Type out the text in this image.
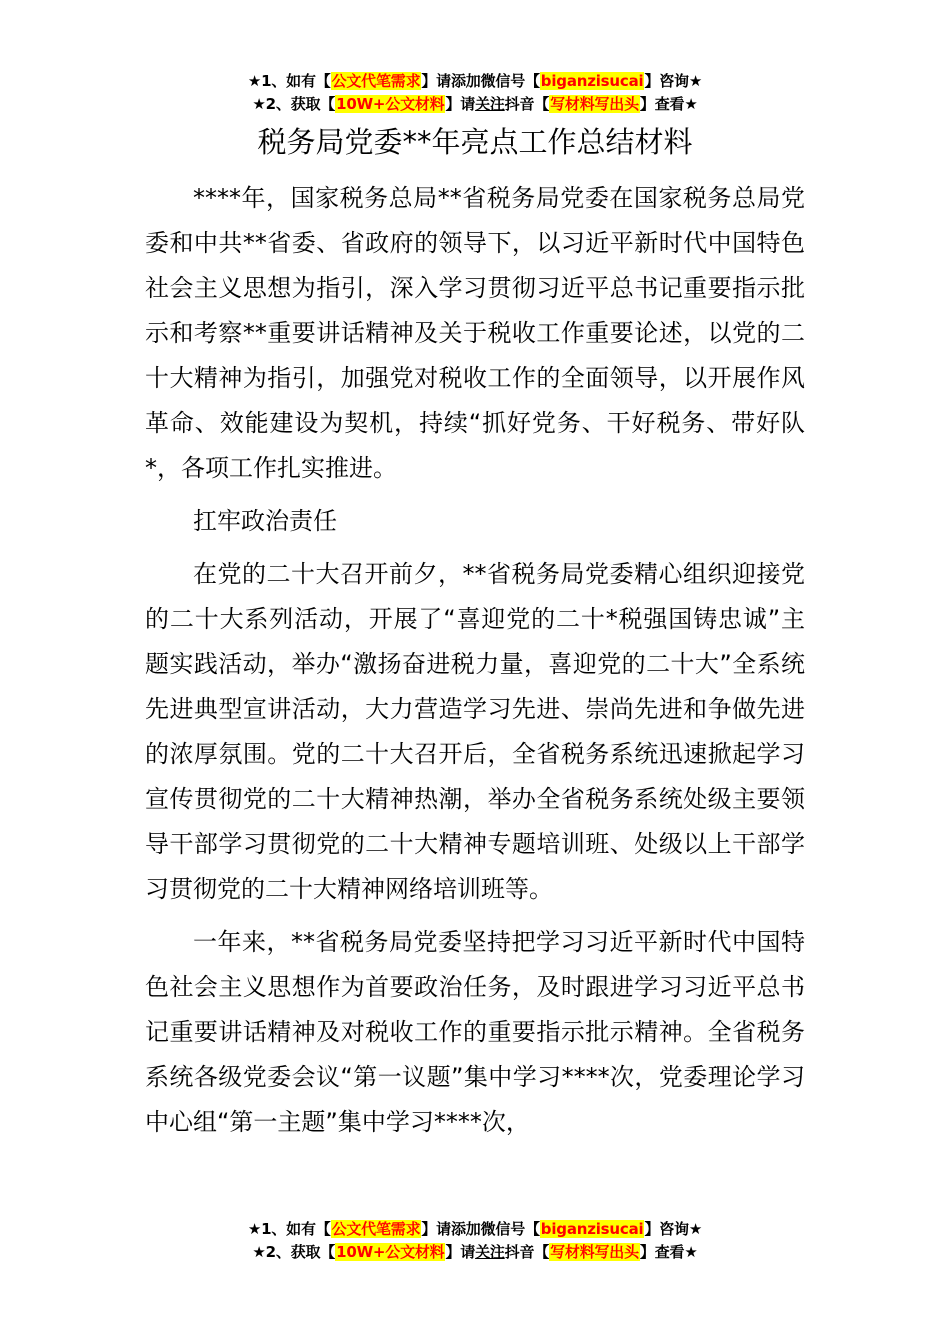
★1、如有【公文代笔需求】请添加微信号【biganzisucai】咨询★
★2、获取【10W+公文材料】请关注抖音【写材料写出头】查看★
税务局党委**年亮点工作总结材料

****年，国家税务总局**省税务局党委在国家税务总局党委和中共**省委、省政府的领导下，以习近平新时代中国特色社会主义思想为指引，深入学习贯彻习近平总书记重要指示批示和考察**重要讲话精神及关于税收工作重要论述，以党的二十大精神为指引，加强党对税收工作的全面领导，以开展作风革命、效能建设为契机，持续“抓好党务、干好税务、带好队*，各项工作扎实推进。

扛牢政治责任

在党的二十大召开前夕，**省税务局党委精心组织迎接党的二十大系列活动，开展了“喜迎党的二十*税强国铸忠诚”主题实践活动，举办“激扬奋进税力量，喜迎党的二十大”全系统先进典型宣讲活动，大力营造学习先进、崇尚先进和争做先进的浓厚氛围。党的二十大召开后，全省税务系统迅速掀起学习宣传贯彻党的二十大精神热潮，举办全省税务系统处级主要领导干部学习贯彻党的二十大精神专题培训班、处级以上干部学习贯彻党的二十大精神网络培训班等。

一年来，**省税务局党委坚持把学习习近平新时代中国特色社会主义思想作为首要政治任务，及时跟进学习习近平总书记重要讲话精神及对税收工作的重要指示批示精神。全省税务系统各级党委会议“第一议题”集中学习****次，党委理论学习中心组“第一主题”集中学习****次，

★1、如有【公文代笔需求】请添加微信号【biganzisucai】咨询★
★2、获取【10W+公文材料】请关注抖音【写材料写出头】查看★
